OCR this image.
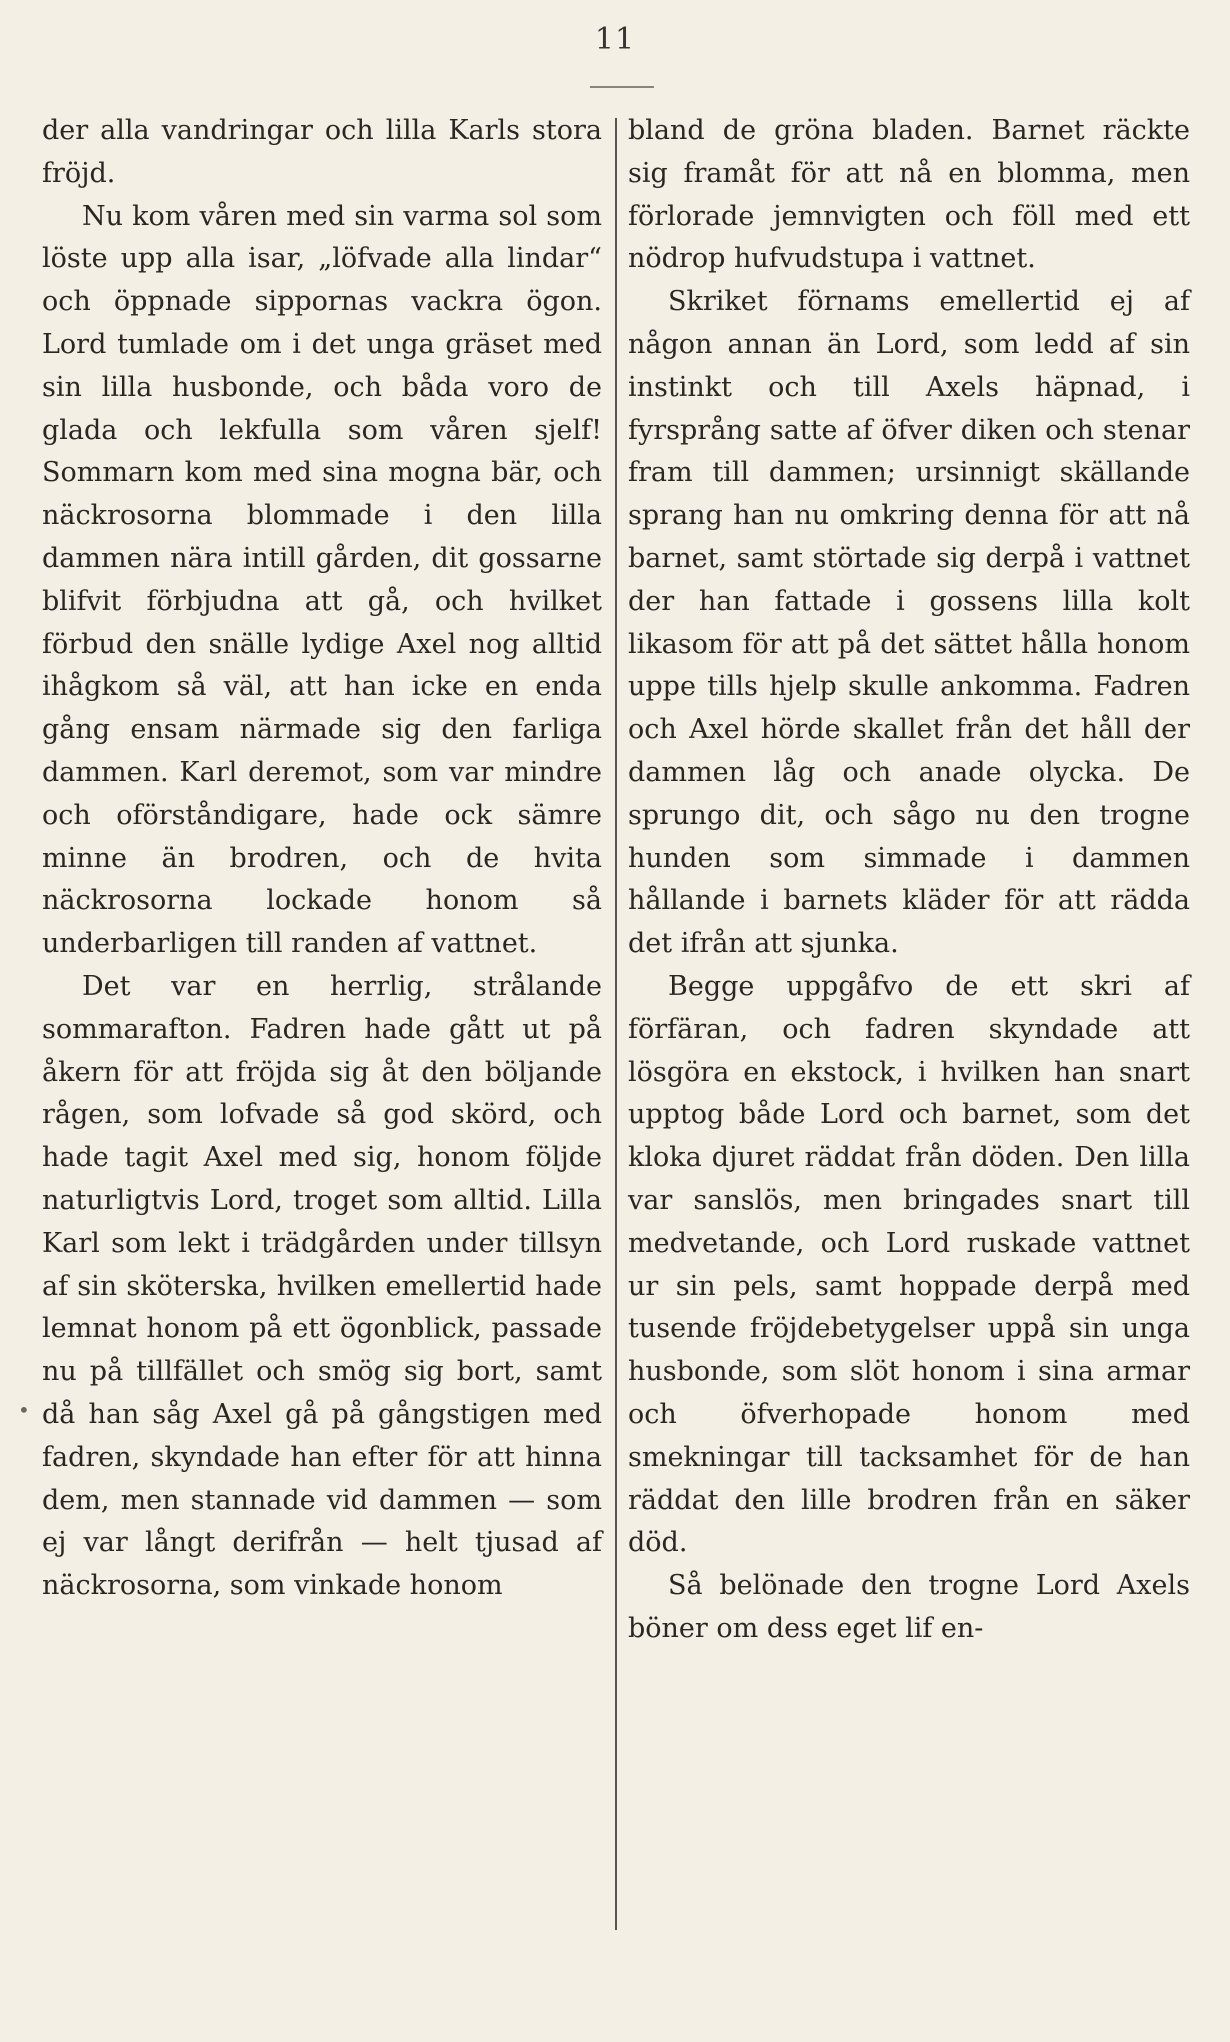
11
•

der alla vandringar och lilla Karls stora fröjd.

Nu kom våren med sin varma sol som löste upp alla isar, „löfvade alla lindar“ och öppnade sippornas vackra ögon. Lord tumlade om i det unga gräset med sin lilla husbonde, och båda voro de glada och lekfulla som våren sjelf! Sommarn kom med sina mogna bär, och näckrosorna blommade i den lilla dammen nära intill gården, dit gossarne blifvit förbjudna att gå, och hvilket förbud den snälle lydige Axel nog alltid ihågkom så väl, att han icke en enda gång ensam närmade sig den farliga dammen. Karl deremot, som var mindre och oförståndigare, hade ock sämre minne än brodren, och de hvita näckrosorna lockade honom så underbarligen till randen af vattnet.

Det var en herrlig, strålande sommarafton. Fadren hade gått ut på åkern för att fröjda sig åt den böljande rågen, som lofvade så god skörd, och hade tagit Axel med sig, honom följde naturligtvis Lord, troget som alltid. Lilla Karl som lekt i trädgården under tillsyn af sin sköterska, hvilken emellertid hade lemnat honom på ett ögonblick, passade nu på tillfället och smög sig bort, samt då han såg Axel gå på gångstigen med fadren, skyndade han efter för att hinna dem, men stannade vid dammen — som ej var långt derifrån — helt tjusad af näckrosorna, som vinkade honom

bland de gröna bladen. Barnet räckte sig framåt för att nå en blomma, men förlorade jemnvigten och föll med ett nödrop hufvudstupa i vattnet.

Skriket förnams emellertid ej af någon annan än Lord, som ledd af sin instinkt och till Axels häpnad, i fyrsprång satte af öfver diken och stenar fram till dammen; ursinnigt skällande sprang han nu omkring denna för att nå barnet, samt störtade sig derpå i vattnet der han fattade i gossens lilla kolt likasom för att på det sättet hålla honom uppe tills hjelp skulle ankomma. Fadren och Axel hörde skallet från det håll der dammen låg och anade olycka. De sprungo dit, och sågo nu den trogne hunden som simmade i dammen hållande i barnets kläder för att rädda det ifrån att sjunka.

Begge uppgåfvo de ett skri af förfäran, och fadren skyndade att lösgöra en ekstock, i hvilken han snart upptog både Lord och barnet, som det kloka djuret räddat från döden. Den lilla var sanslös, men bringades snart till medvetande, och Lord ruskade vattnet ur sin pels, samt hoppade derpå med tusende fröjdebetygelser uppå sin unga husbonde, som slöt honom i sina armar och öfverhopade honom med smekningar till tacksamhet för de han räddat den lille brodren från en säker död.

Så belönade den trogne Lord Axels böner om dess eget lif en-
